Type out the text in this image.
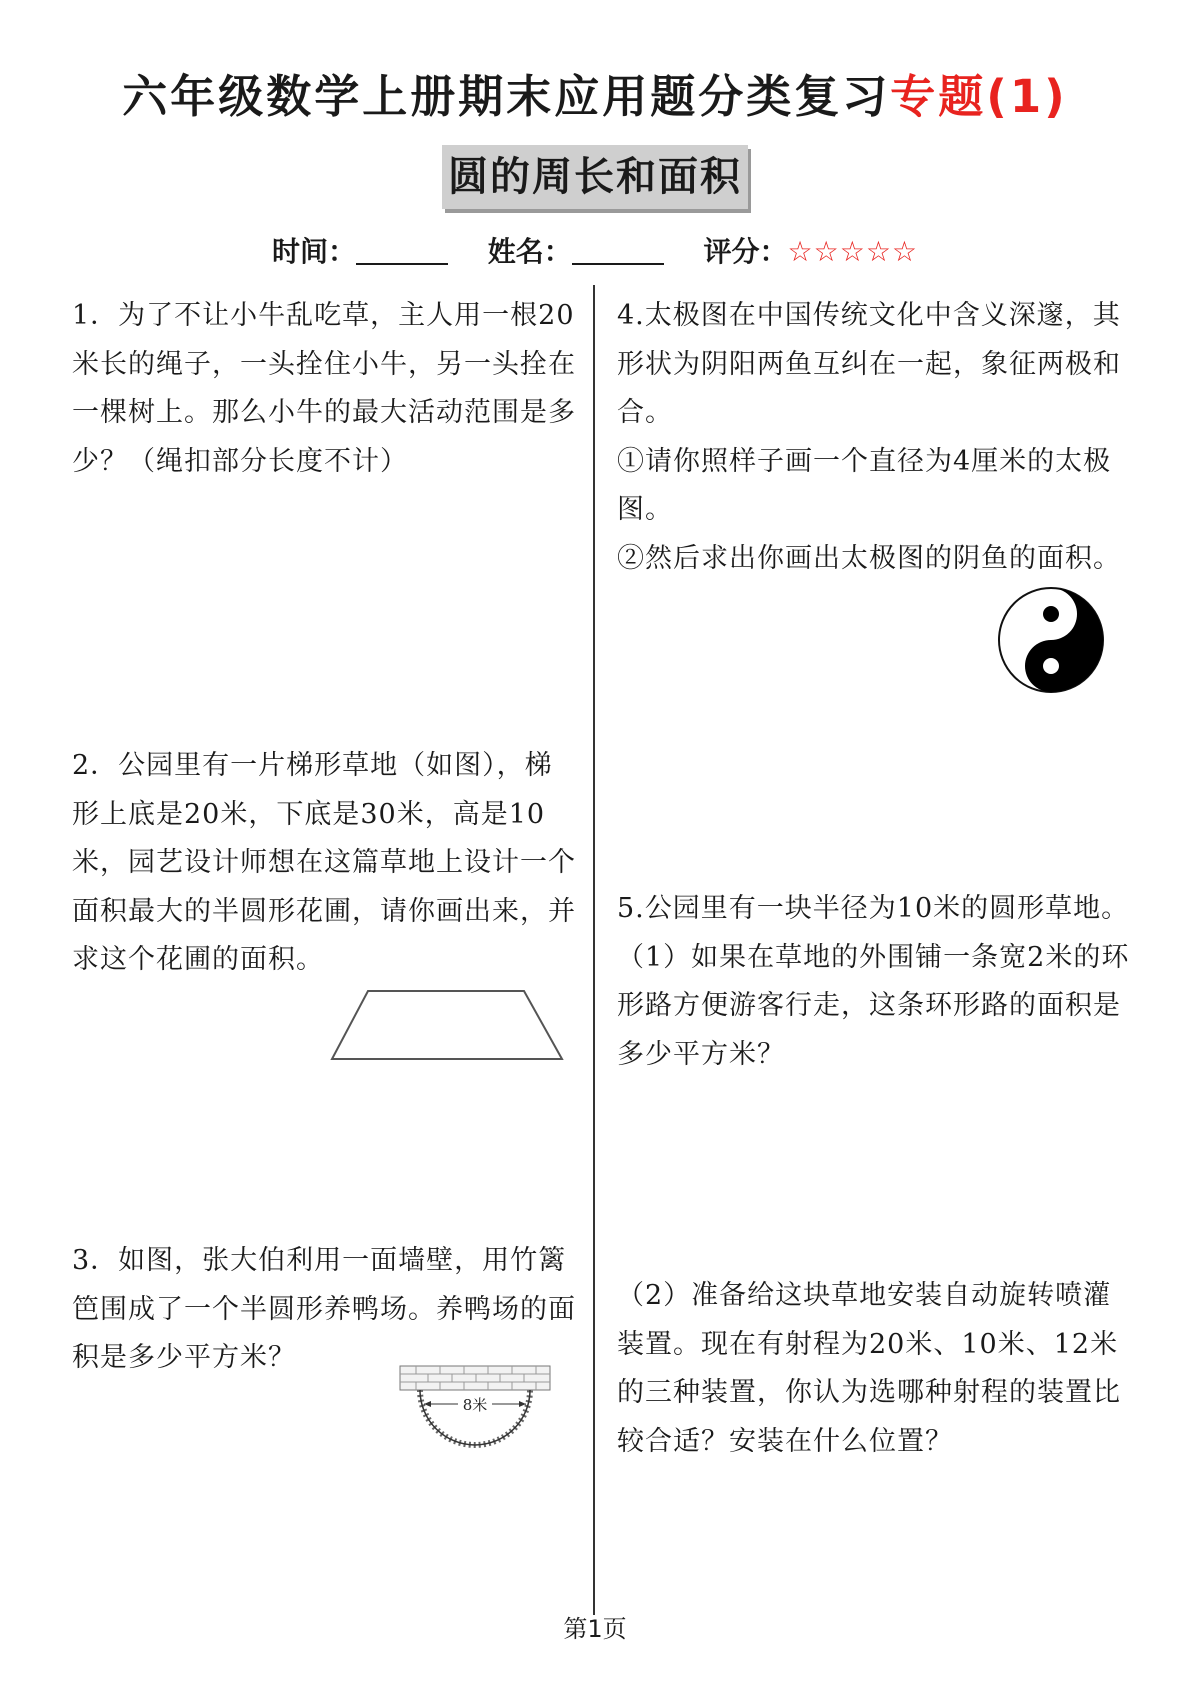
六年级数学上册期末应用题分类复习专题(1)
圆的周长和面积
时间：	姓名：	评分：☆☆☆☆☆

1．为了不让小牛乱吃草，主人用一根20米长的绳子，一头拴住小牛，另一头拴在一棵树上。那么小牛的最大活动范围是多少？（绳扣部分长度不计）

2．公园里有一片梯形草地（如图），梯形上底是20米，下底是30米，高是10米，园艺设计师想在这篇草地上设计一个面积最大的半圆形花圃，请你画出来，并求这个花圃的面积。

3．如图，张大伯利用一面墙壁，用竹篱笆围成了一个半圆形养鸭场。养鸭场的面积是多少平方米？

8米

4.太极图在中国传统文化中含义深邃，其形状为阴阳两鱼互纠在一起，象征两极和合。

①请你照样子画一个直径为4厘米的太极图。

②然后求出你画出太极图的阴鱼的面积。

5.公园里有一块半径为10米的圆形草地。

（1）如果在草地的外围铺一条宽2米的环形路方便游客行走，这条环形路的面积是多少平方米？

（2）准备给这块草地安装自动旋转喷灌装置。现在有射程为20米、10米、12米的三种装置，你认为选哪种射程的装置比较合适？安装在什么位置？

第1页
